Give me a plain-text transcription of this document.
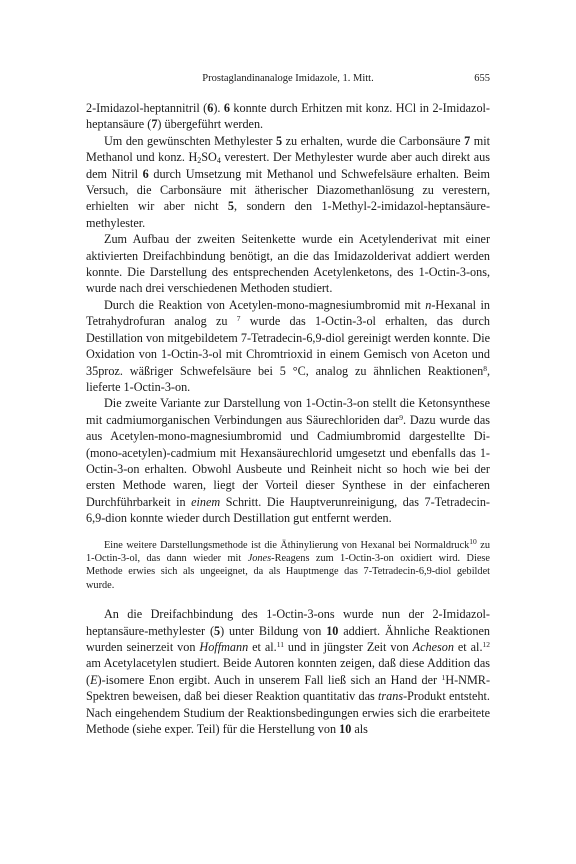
Prostaglandinanaloge Imidazole, 1. Mitt.	655

2-Imidazol-heptannitril (6). 6 konnte durch Erhitzen mit konz. HCl in 2-Imidazol-heptansäure (7) übergeführt werden.

Um den gewünschten Methylester 5 zu erhalten, wurde die Carbonsäure 7 mit Methanol und konz. $H_2SO_4$ verestert. Der Methylester wurde aber auch direkt aus dem Nitril 6 durch Umsetzung mit Methanol und Schwefelsäure erhalten. Beim Versuch, die Carbonsäure mit ätherischer Diazomethanlösung zu verestern, erhielten wir aber nicht 5, sondern den 1-Methyl-2-imidazol-heptansäure-methylester.

Zum Aufbau der zweiten Seitenkette wurde ein Acetylenderivat mit einer aktivierten Dreifachbindung benötigt, an die das Imidazolderivat addiert werden konnte. Die Darstellung des entsprechenden Acetylenketons, des 1-Octin-3-ons, wurde nach drei verschiedenen Methoden studiert.

Durch die Reaktion von Acetylen-mono-magnesiumbromid mit n-Hexanal in Tetrahydrofuran analog zu $^7$ wurde das 1-Octin-3-ol erhalten, das durch Destillation von mitgebildetem 7-Tetradecin-6,9-diol gereinigt werden konnte. Die Oxidation von 1-Octin-3-ol mit Chromtrioxid in einem Gemisch von Aceton und 35proz. wäßriger Schwefelsäure bei 5 °C, analog zu ähnlichen Reaktionen$^8$, lieferte 1-Octin-3-on.

Die zweite Variante zur Darstellung von 1-Octin-3-on stellt die Ketonsynthese mit cadmiumorganischen Verbindungen aus Säurechloriden dar$^9$. Dazu wurde das aus Acetylen-mono-magnesiumbromid und Cadmiumbromid dargestellte Di-(mono-acetylen)-cadmium mit Hexansäurechlorid umgesetzt und ebenfalls das 1-Octin-3-on erhalten. Obwohl Ausbeute und Reinheit nicht so hoch wie bei der ersten Methode waren, liegt der Vorteil dieser Synthese in der einfacheren Durchführbarkeit in einem Schritt. Die Hauptverunreinigung, das 7-Tetradecin-6,9-dion konnte wieder durch Destillation gut entfernt werden.

Eine weitere Darstellungsmethode ist die Äthinylierung von Hexanal bei Normaldruck$^{10}$ zu 1-Octin-3-ol, das dann wieder mit Jones-Reagens zum 1-Octin-3-on oxidiert wird. Diese Methode erwies sich als ungeeignet, da als Hauptmenge das 7-Tetradecin-6,9-diol gebildet wurde.

An die Dreifachbindung des 1-Octin-3-ons wurde nun der 2-Imidazol-heptansäure-methylester (5) unter Bildung von 10 addiert. Ähnliche Reaktionen wurden seinerzeit von Hoffmann et al.$^{11}$ und in jüngster Zeit von Acheson et al.$^{12}$ am Acetylacetylen studiert. Beide Autoren konnten zeigen, daß diese Addition das (E)-isomere Enon ergibt. Auch in unserem Fall ließ sich an Hand der $^1$H-NMR-Spektren beweisen, daß bei dieser Reaktion quantitativ das trans-Produkt entsteht. Nach eingehendem Studium der Reaktionsbedingungen erwies sich die erarbeitete Methode (siehe exper. Teil) für die Herstellung von 10 als
